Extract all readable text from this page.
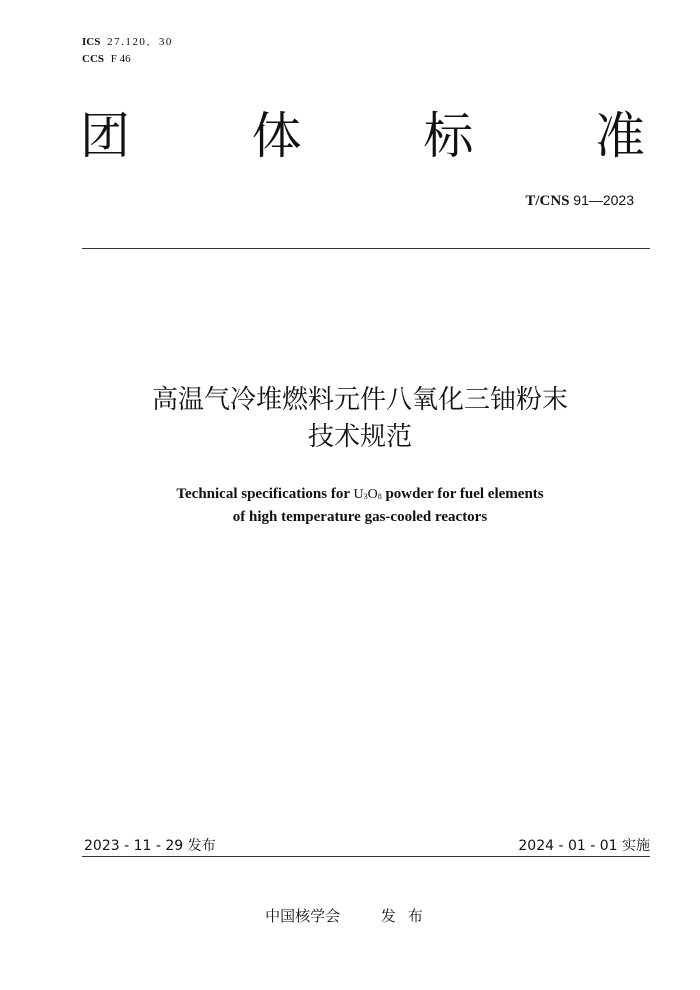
ICS 27.120．30
CCS F 46
团 体 标 准
T/CNS 91—2023
高温气冷堆燃料元件八氧化三铀粉末
技术规范
Technical specifications for $U_3O_8$ powder for fuel elements
of high temperature gas-cooled reactors
2023 - 11 - 29 发布	2024 - 01 - 01 实施
中国核学会	发布
